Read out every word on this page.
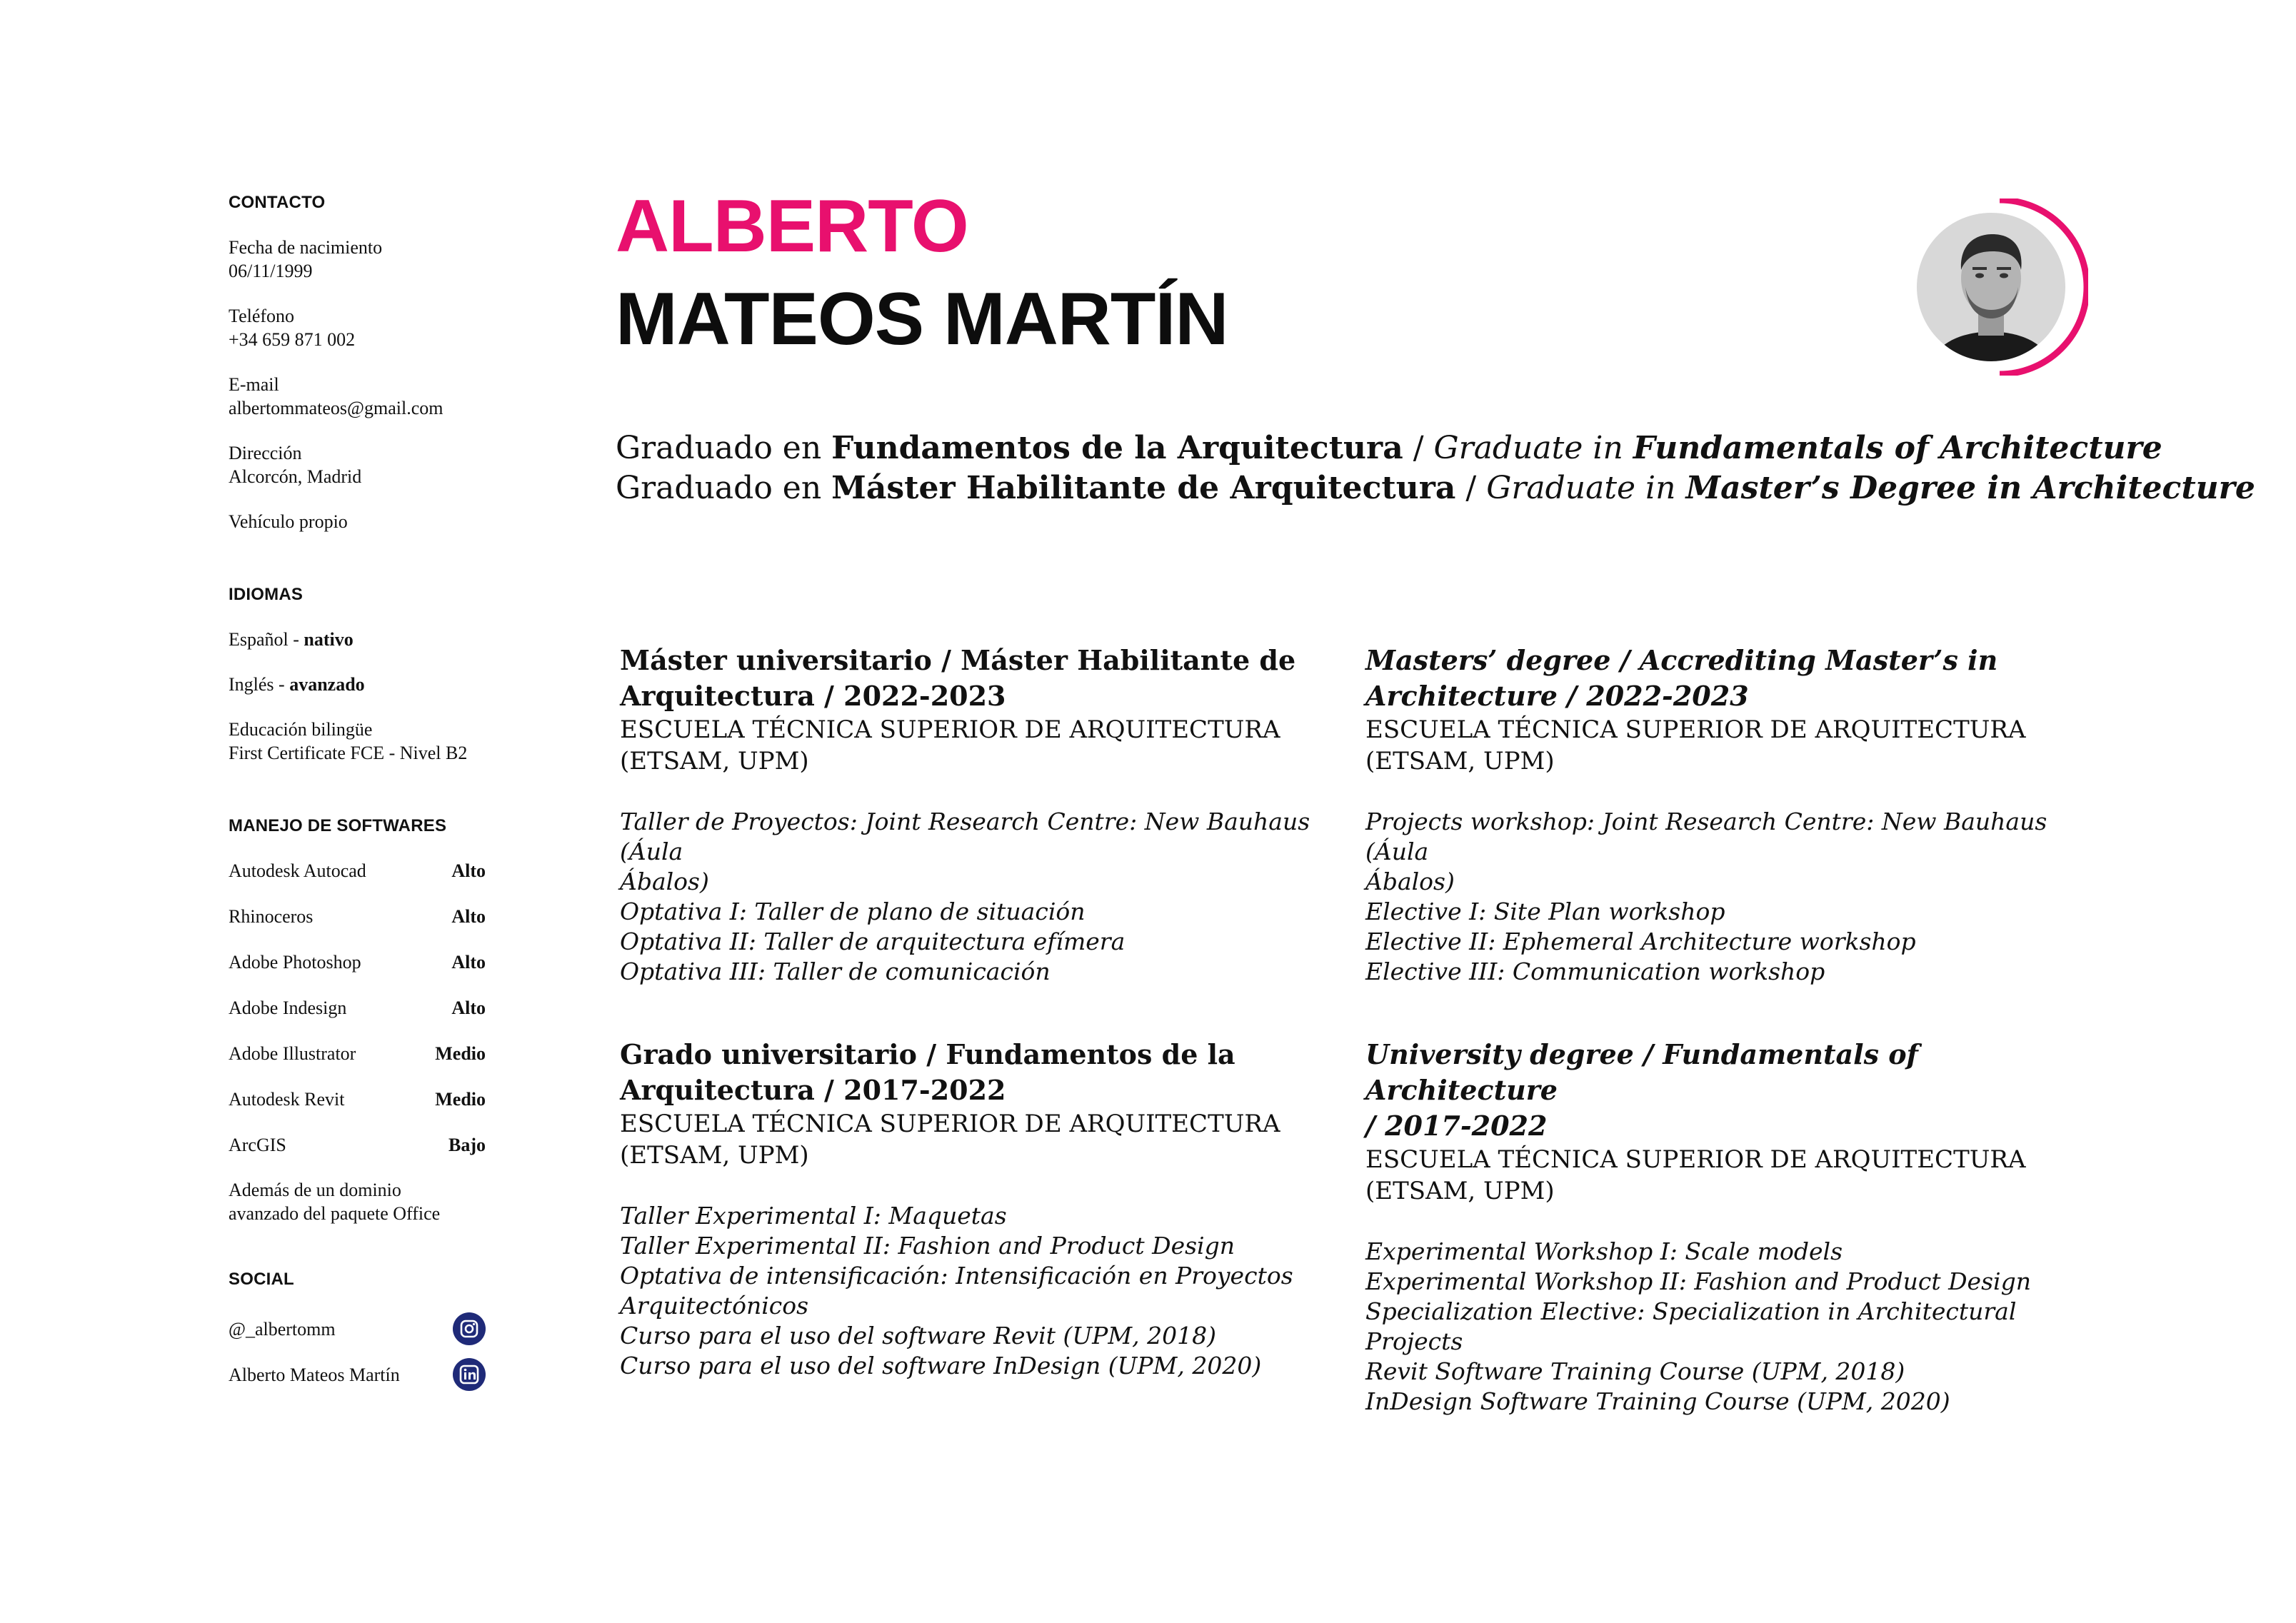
CONTACTO
Fecha de nacimiento
06/11/1999
Teléfono
+34 659 871 002
E-mail
albertommateos@gmail.com
Dirección
Alcorcón, Madrid
Vehículo propio
IDIOMAS
Español - nativo
Inglés - avanzado
Educación bilingüe
First Certificate FCE - Nivel B2
MANEJO DE SOFTWARES
Autodesk Autocad	Alto
Rhinoceros	Alto
Adobe Photoshop	Alto
Adobe Indesign	Alto
Adobe Illustrator	Medio
Autodesk Revit	Medio
ArcGIS	Bajo
Además de un dominio
avanzado del paquete Office
SOCIAL
@_albertomm
Alberto Mateos Martín
ALBERTO
MATEOS MARTÍN
Graduado en Fundamentos de la Arquitectura / Graduate in Fundamentals of Architecture
Graduado en Máster Habilitante de Arquitectura / Graduate in Master’s Degree in Architecture
Máster universitario / Máster Habilitante de
Arquitectura / 2022-2023
ESCUELA TÉCNICA SUPERIOR DE ARQUITECTURA
(ETSAM, UPM)
Taller de Proyectos: Joint Research Centre: New Bauhaus (Áula
Ábalos)
Optativa I: Taller de plano de situación
Optativa II: Taller de arquitectura efímera
Optativa III: Taller de comunicación
Masters’ degree / Accrediting Master’s in
Architecture / 2022-2023
ESCUELA TÉCNICA SUPERIOR DE ARQUITECTURA
(ETSAM, UPM)
Projects workshop: Joint Research Centre: New Bauhaus (Áula
Ábalos)
Elective I: Site Plan workshop
Elective II: Ephemeral Architecture workshop
Elective III: Communication workshop
Grado universitario / Fundamentos de la
Arquitectura / 2017-2022
ESCUELA TÉCNICA SUPERIOR DE ARQUITECTURA
(ETSAM, UPM)
Taller Experimental I: Maquetas
Taller Experimental II: Fashion and Product Design
Optativa de intensificación: Intensificación en Proyectos
Arquitectónicos
Curso para el uso del software Revit (UPM, 2018)
Curso para el uso del software InDesign (UPM, 2020)
University degree / Fundamentals of Architecture
/ 2017-2022
ESCUELA TÉCNICA SUPERIOR DE ARQUITECTURA
(ETSAM, UPM)
Experimental Workshop I: Scale models
Experimental Workshop II: Fashion and Product Design
Specialization Elective: Specialization in Architectural
Projects
Revit Software Training Course (UPM, 2018)
InDesign Software Training Course (UPM, 2020)
